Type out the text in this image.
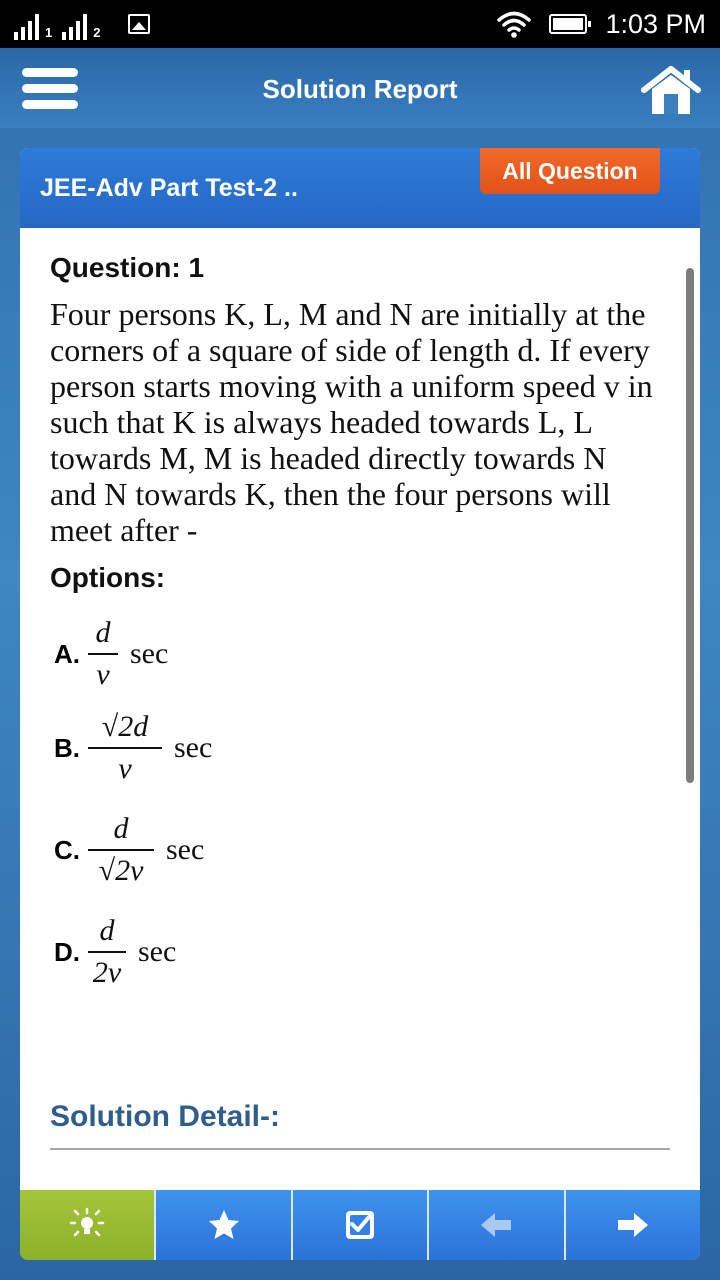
1	2	1:03 PM
Solution Report
JEE-Adv Part Test-2 ..
All Question
Question: 1
Four persons K, L, M and N are initially at the corners of a square of side of length d. If every person starts moving with a uniform speed v in such that K is always headed towards L, L towards M, M is headed directly towards N and N towards K, then the four persons will meet after -
Options:
A. $\frac{d}{v}$ sec
B. $\frac{√2d}{v}$ sec
C. $\frac{d}{√2v}$ sec
D. $\frac{d}{2v}$ sec
Solution Detail-:
